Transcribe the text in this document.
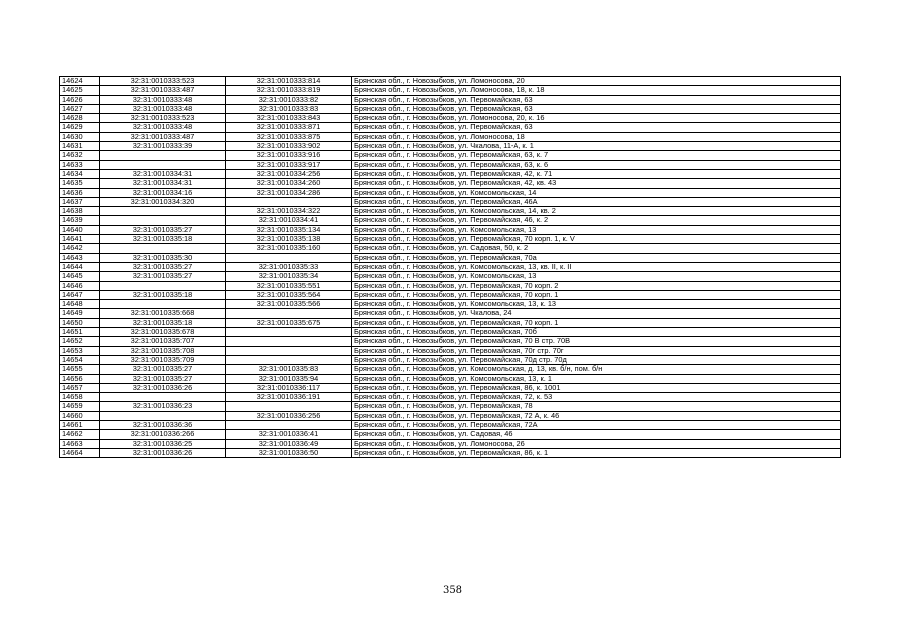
14624	32:31:0010333:523	32:31:0010333:814	Брянская обл., г. Новозыбков, ул. Ломоносова, 20
14625	32:31:0010333:487	32:31:0010333:819	Брянская обл., г. Новозыбков, ул. Ломоносова, 18, к. 18
14626	32:31:0010333:48	32:31:0010333:82	Брянская обл., г. Новозыбков, ул. Первомайская, 63
14627	32:31:0010333:48	32:31:0010333:83	Брянская обл., г. Новозыбков, ул. Первомайская, 63
14628	32:31:0010333:523	32:31:0010333:843	Брянская обл., г. Новозыбков, ул. Ломоносова, 20, к. 16
14629	32:31:0010333:48	32:31:0010333:871	Брянская обл., г. Новозыбков, ул. Первомайская, 63
14630	32:31:0010333:487	32:31:0010333:875	Брянская обл., г. Новозыбков, ул. Ломоносова, 18
14631	32:31:0010333:39	32:31:0010333:902	Брянская обл., г. Новозыбков, ул. Чкалова, 11-А, к. 1
14632		32:31:0010333:916	Брянская обл., г. Новозыбков, ул. Первомайская, 63, к. 7
14633		32:31:0010333:917	Брянская обл., г. Новозыбков, ул. Первомайская, 63, к. 6
14634	32:31:0010334:31	32:31:0010334:256	Брянская обл., г. Новозыбков, ул. Первомайская, 42, к. 71
14635	32:31:0010334:31	32:31:0010334:260	Брянская обл., г. Новозыбков, ул. Первомайская, 42, кв. 43
14636	32:31:0010334:16	32:31:0010334:286	Брянская обл., г. Новозыбков, ул. Комсомольская, 14
14637	32:31:0010334:320		Брянская обл., г. Новозыбков, ул. Первомайская, 46А
14638		32:31:0010334:322	Брянская обл., г. Новозыбков, ул. Комсомольская, 14, кв. 2
14639		32:31:0010334:41	Брянская обл., г. Новозыбков, ул. Первомайская, 46, к. 2
14640	32:31:0010335:27	32:31:0010335:134	Брянская обл., г. Новозыбков, ул. Комсомольская, 13
14641	32:31:0010335:18	32:31:0010335:138	Брянская обл., г. Новозыбков, ул. Первомайская, 70 корп. 1, к. V
14642		32:31:0010335:160	Брянская обл., г. Новозыбков, ул. Садовая, 50, к. 2
14643	32:31:0010335:30		Брянская обл., г. Новозыбков, ул. Первомайская, 70а
14644	32:31:0010335:27	32:31:0010335:33	Брянская обл., г. Новозыбков, ул. Комсомольская, 13, кв. II, к. II
14645	32:31:0010335:27	32:31:0010335:34	Брянская обл., г. Новозыбков, ул. Комсомольская, 13
14646		32:31:0010335:551	Брянская обл., г. Новозыбков, ул. Первомайская, 70 корп. 2
14647	32:31:0010335:18	32:31:0010335:564	Брянская обл., г. Новозыбков, ул. Первомайская, 70 корп. 1
14648		32:31:0010335:566	Брянская обл., г. Новозыбков, ул. Комсомольская, 13, к. 13
14649	32:31:0010335:668		Брянская обл., г. Новозыбков, ул. Чкалова, 24
14650	32:31:0010335:18	32:31:0010335:675	Брянская обл., г. Новозыбков, ул. Первомайская, 70 корп. 1
14651	32:31:0010335:678		Брянская обл., г. Новозыбков, ул. Первомайская, 70б
14652	32:31:0010335:707		Брянская обл., г. Новозыбков, ул. Первомайская, 70 В стр. 70В
14653	32:31:0010335:708		Брянская обл., г. Новозыбков, ул. Первомайская, 70г стр. 70г
14654	32:31:0010335:709		Брянская обл., г. Новозыбков, ул. Первомайская, 70д стр. 70д
14655	32:31:0010335:27	32:31:0010335:83	Брянская обл., г. Новозыбков, ул. Комсомольская, д. 13, кв. б/н, пом. б/н
14656	32:31:0010335:27	32:31:0010335:94	Брянская обл., г. Новозыбков, ул. Комсомольская, 13, к. 1
14657	32:31:0010336:26	32:31:0010336:117	Брянская обл., г. Новозыбков, ул. Первомайская, 86, к. 1001
14658		32:31:0010336:191	Брянская обл., г. Новозыбков, ул. Первомайская, 72, к. 53
14659	32:31:0010336:23		Брянская обл., г. Новозыбков, ул. Первомайская, 78
14660		32:31:0010336:256	Брянская обл., г. Новозыбков, ул. Первомайская, 72 А, к. 46
14661	32:31:0010336:36		Брянская обл., г. Новозыбков, ул. Первомайская, 72А
14662	32:31:0010336:266	32:31:0010336:41	Брянская обл., г. Новозыбков, ул. Садовая, 46
14663	32:31:0010336:25	32:31:0010336:49	Брянская обл., г. Новозыбков, ул. Ломоносова, 26
14664	32:31:0010336:26	32:31:0010336:50	Брянская обл., г. Новозыбков, ул. Первомайская, 86, к. 1
358
